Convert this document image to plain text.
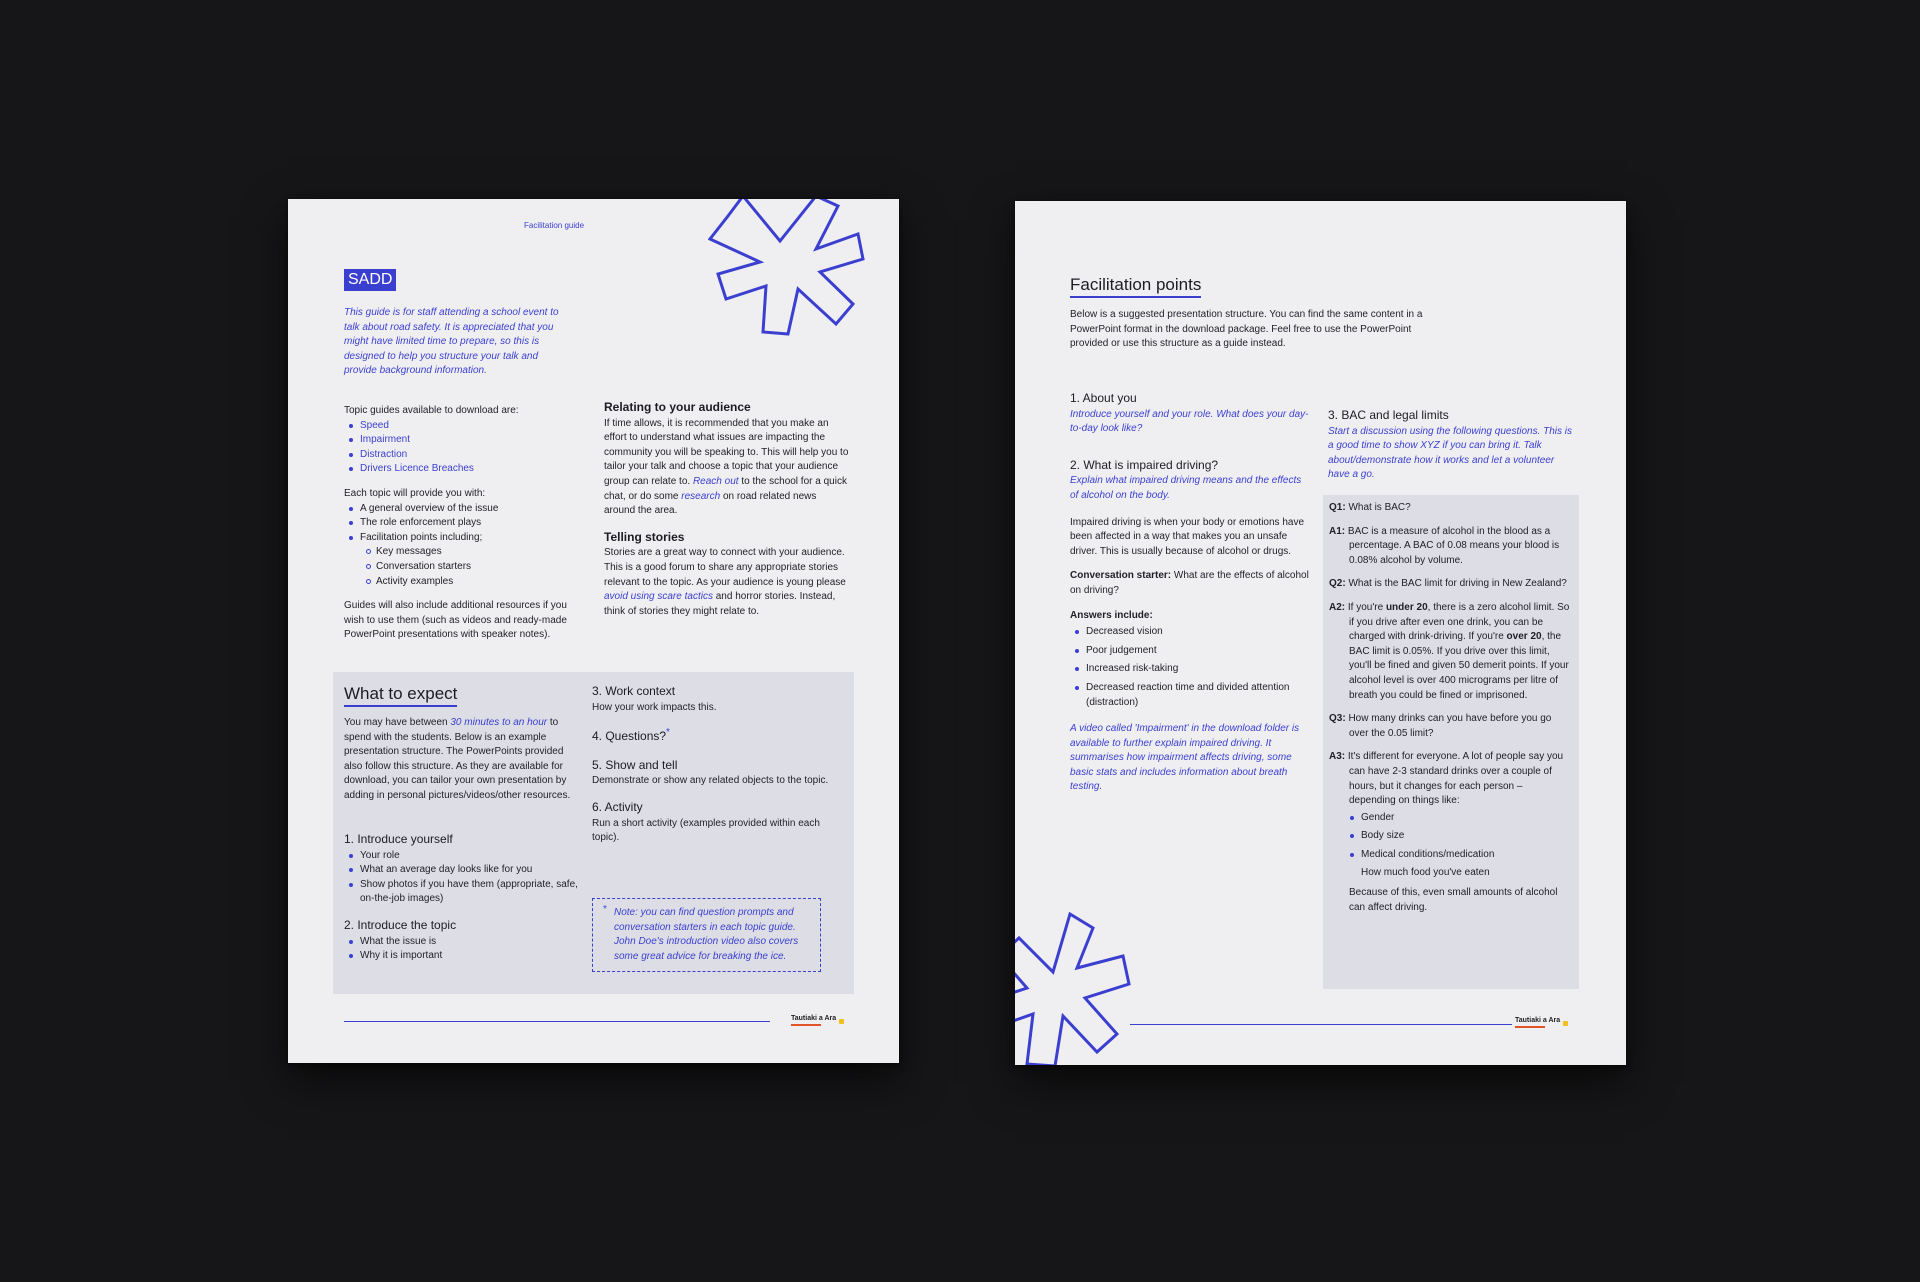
Facilitation guide
SADD
This guide is for staff attending a school event to talk about road safety. It is appreciated that you might have limited time to prepare, so this is designed to help you structure your talk and provide background information.
Topic guides available to download are:
Speed
Impairment
Distraction
Drivers Licence Breaches
Each topic will provide you with:
A general overview of the issue
The role enforcement plays
Facilitation points including;
Key messages
Conversation starters
Activity examples
Guides will also include additional resources if you wish to use them (such as videos and ready-made PowerPoint presentations with speaker notes).
Relating to your audience
If time allows, it is recommended that you make an effort to understand what issues are impacting the community you will be speaking to. This will help you to tailor your talk and choose a topic that your audience group can relate to. Reach out to the school for a quick chat, or do some research on road related news around the area.
Telling stories
Stories are a great way to connect with your audience. This is a good forum to share any appropriate stories relevant to the topic. As your audience is young please avoid using scare tactics and horror stories. Instead, think of stories they might relate to.
What to expect
You may have between 30 minutes to an hour to spend with the students. Below is an example presentation structure. The PowerPoints provided also follow this structure. As they are available for download, you can tailor your own presentation by adding in personal pictures/videos/other resources.
1. Introduce yourself
Your role
What an average day looks like for you
Show photos if you have them (appropriate, safe, on-the-job images)
2. Introduce the topic
What the issue is
Why it is important
3. Work context
How your work impacts this.
4. Questions?*
5. Show and tell
Demonstrate or show any related objects to the topic.
6. Activity
Run a short activity (examples provided within each topic).
* Note: you can find question prompts and conversation starters in each topic guide. John Doe's introduction video also covers some great advice for breaking the ice.
Tautiaki a Ara
Facilitation points
Below is a suggested presentation structure. You can find the same content in a PowerPoint format in the download package. Feel free to use the PowerPoint provided or use this structure as a guide instead.
1. About you
Introduce yourself and your role. What does your day-to-day look like?
2. What is impaired driving?
Explain what impaired driving means and the effects of alcohol on the body.
Impaired driving is when your body or emotions have been affected in a way that makes you an unsafe driver. This is usually because of alcohol or drugs.
Conversation starter: What are the effects of alcohol on driving?
Answers include:
Decreased vision
Poor judgement
Increased risk-taking
Decreased reaction time and divided attention (distraction)
A video called 'Impairment' in the download folder is available to further explain impaired driving. It summarises how impairment affects driving, some basic stats and includes information about breath testing.
3. BAC and legal limits
Start a discussion using the following questions. This is a good time to show XYZ if you can bring it. Talk about/demonstrate how it works and let a volunteer have a go.
Q1: What is BAC?
A1: BAC is a measure of alcohol in the blood as a percentage. A BAC of 0.08 means your blood is 0.08% alcohol by volume.
Q2: What is the BAC limit for driving in New Zealand?
A2: If you're under 20, there is a zero alcohol limit. So if you drive after even one drink, you can be charged with drink-driving. If you're over 20, the BAC limit is 0.05%. If you drive over this limit, you'll be fined and given 50 demerit points. If your alcohol level is over 400 micrograms per litre of breath you could be fined or imprisoned.
Q3: How many drinks can you have before you go over the 0.05 limit?
A3: It's different for everyone. A lot of people say you can have 2-3 standard drinks over a couple of hours, but it changes for each person – depending on things like:
Gender
Body size
Medical conditions/medication
How much food you've eaten
Because of this, even small amounts of alcohol can affect driving.
Tautiaki a Ara
